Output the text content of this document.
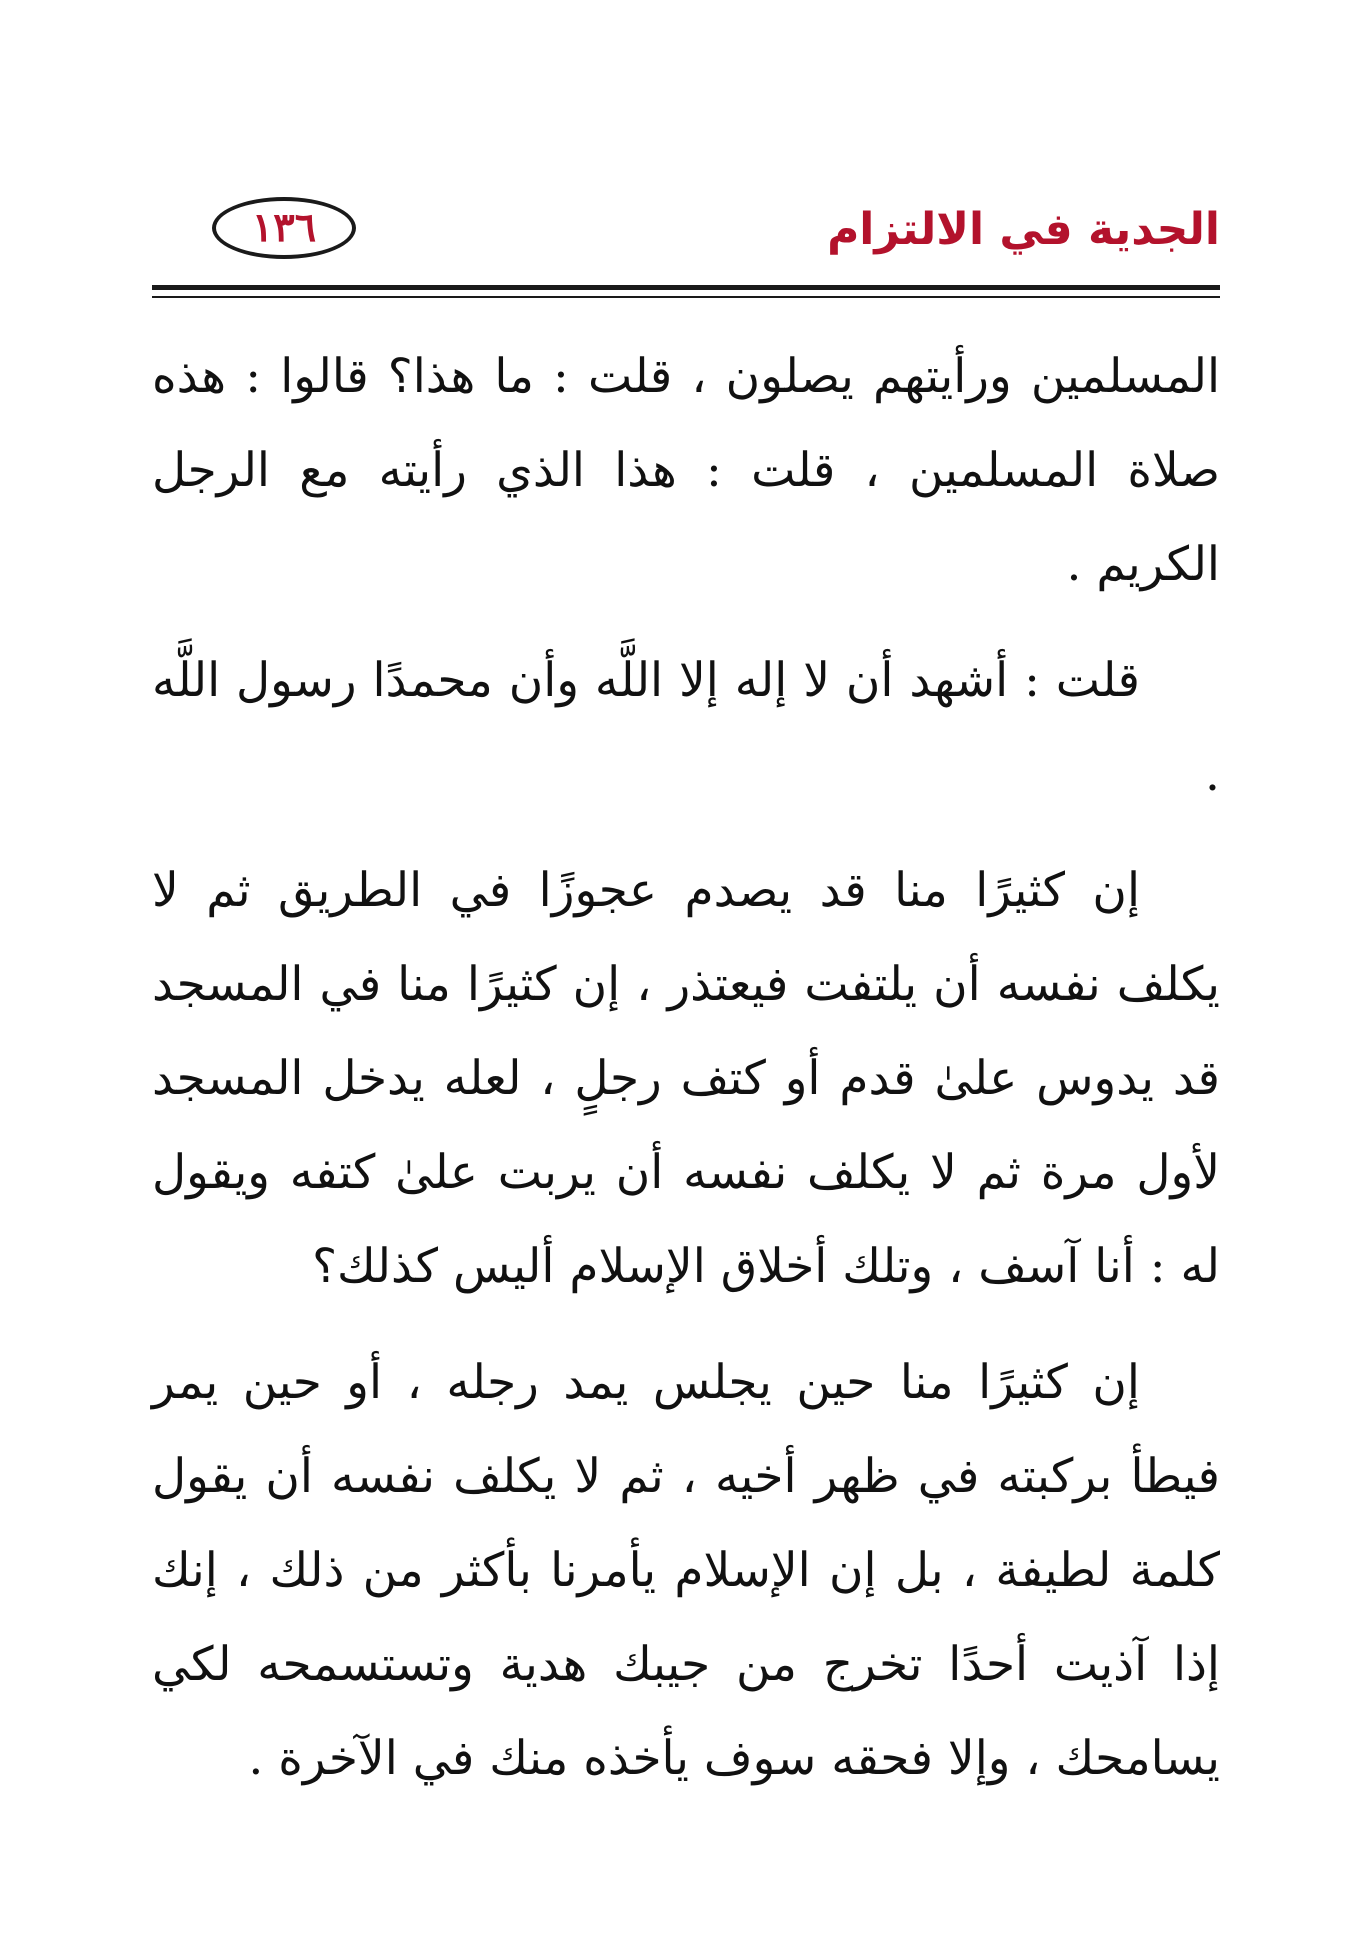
١٣٦	الجدية في الالتزام

المسلمين ورأيتهم يصلون ، قلت : ما هذا؟ قالوا : هذه صلاة المسلمين ، قلت : هذا الذي رأيته مع الرجل الكريم .

قلت : أشهد أن لا إله إلا اللَّه وأن محمدًا رسول اللَّه .

إن كثيرًا منا قد يصدم عجوزًا في الطريق ثم لا يكلف نفسه أن يلتفت فيعتذر ، إن كثيرًا منا في المسجد قد يدوس علىٰ قدم أو كتف رجلٍ ، لعله يدخل المسجد لأول مرة ثم لا يكلف نفسه أن يربت علىٰ كتفه ويقول له : أنا آسف ، وتلك أخلاق الإسلام أليس كذلك؟

إن كثيرًا منا حين يجلس يمد رجله ، أو حين يمر فيطأ بركبته في ظهر أخيه ، ثم لا يكلف نفسه أن يقول كلمة لطيفة ، بل إن الإسلام يأمرنا بأكثر من ذلك ، إنك إذا آذيت أحدًا تخرج من جيبك هدية وتستسمحه لكي يسامحك ، وإلا فحقه سوف يأخذه منك في الآخرة .
